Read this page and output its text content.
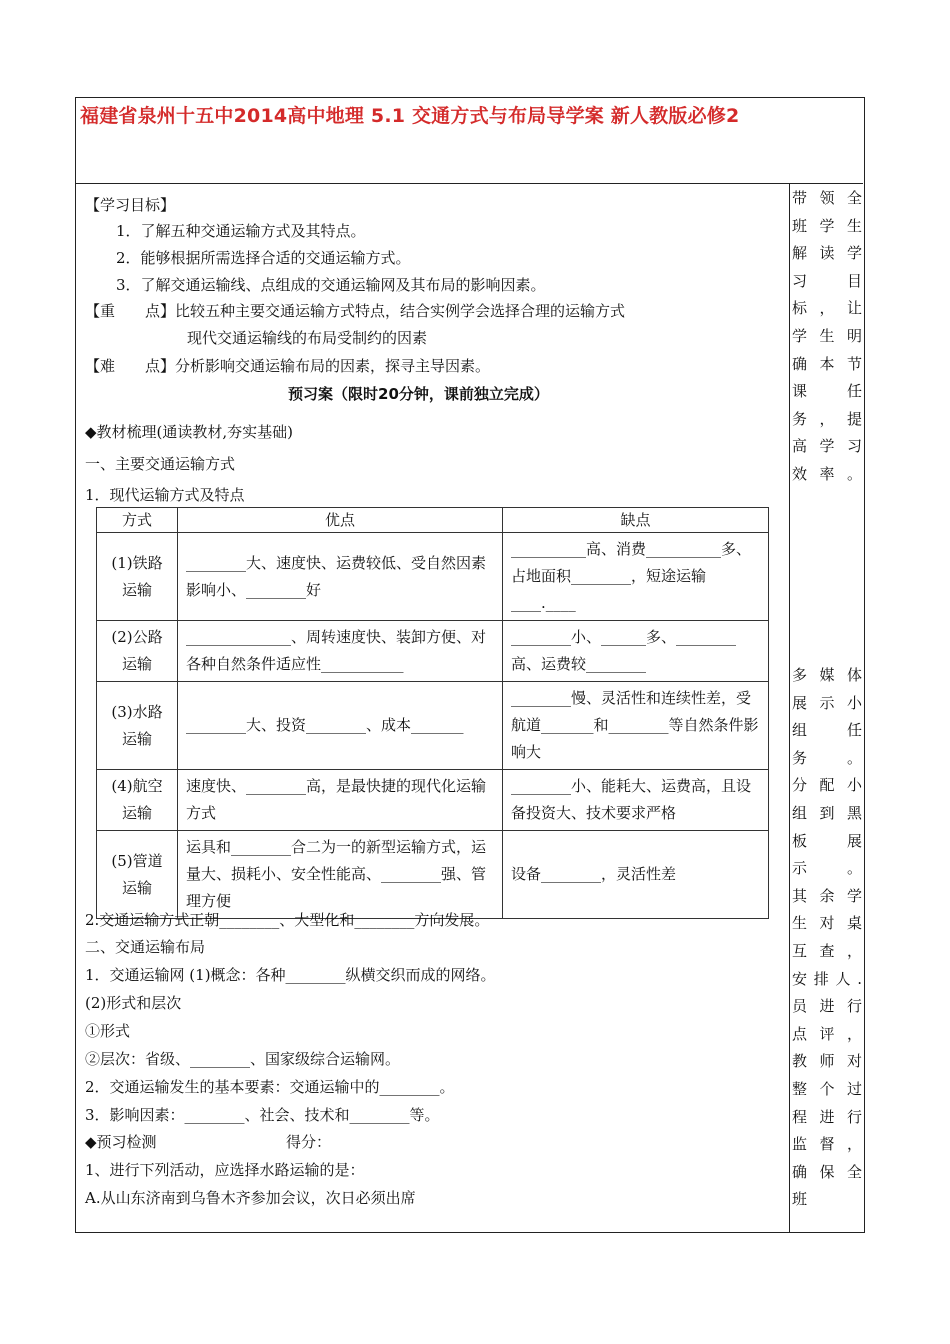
福建省泉州十五中2014高中地理 5.1 交通方式与布局导学案 新人教版必修2
带领全
班学生
解读学
习　目
标，让
学生明
确本节
课　任
务，提
高学习
效率。
多媒体
展示小
组　任
务。
分配小
组到黑
板　展
示。
其余学
生对桌
互查，
安排人.
员进行
点评，
教师对
整个过
程进行
监督，
确保全
班
【学习目标】
1．了解五种交通运输方式及其特点。
2．能够根据所需选择合适的交通运输方式。
3．了解交通运输线、点组成的交通运输网及其布局的影响因素。
【重　　点】比较五种主要交通运输方式特点，结合实例学会选择合理的运输方式
现代交通运输线的布局受制约的因素
【难　　点】分析影响交通运输布局的因素，探寻主导因素。
预习案（限时20分钟，课前独立完成）
◆教材梳理(通读教材,夯实基础)
一、主要交通运输方式
1．现代运输方式及特点
方式	优点	缺点
(1)铁路运输	________大、速度快、运费较低、受自然因素影响小、________好	__________高、消费__________多、占地面积________，短途运输____.____
(2)公路运输	______________、周转速度快、装卸方便、对各种自然条件适应性___________	________小、______多、________高、运费较________
(3)水路运输	________大、投资________、成本_______	________慢、灵活性和连续性差，受航道_______和________等自然条件影响大
(4)航空运输	速度快、________高，是最快捷的现代化运输方式	________小、能耗大、运费高，且设备投资大、技术要求严格
(5)管道运输	运具和________合二为一的新型运输方式，运量大、损耗小、安全性能高、________强、管理方便	设备________，灵活性差
2.交通运输方式正朝________、大型化和________方向发展。
二、交通运输布局
1．交通运输网 (1)概念：各种________纵横交织而成的网络。
(2)形式和层次
①形式
②层次：省级、________、国家级综合运输网。
2．交通运输发生的基本要素：交通运输中的________。
3．影响因素：________、社会、技术和________等。
◆预习检测	得分：
1、进行下列活动，应选择水路运输的是：
A.从山东济南到乌鲁木齐参加会议，次日必须出席
